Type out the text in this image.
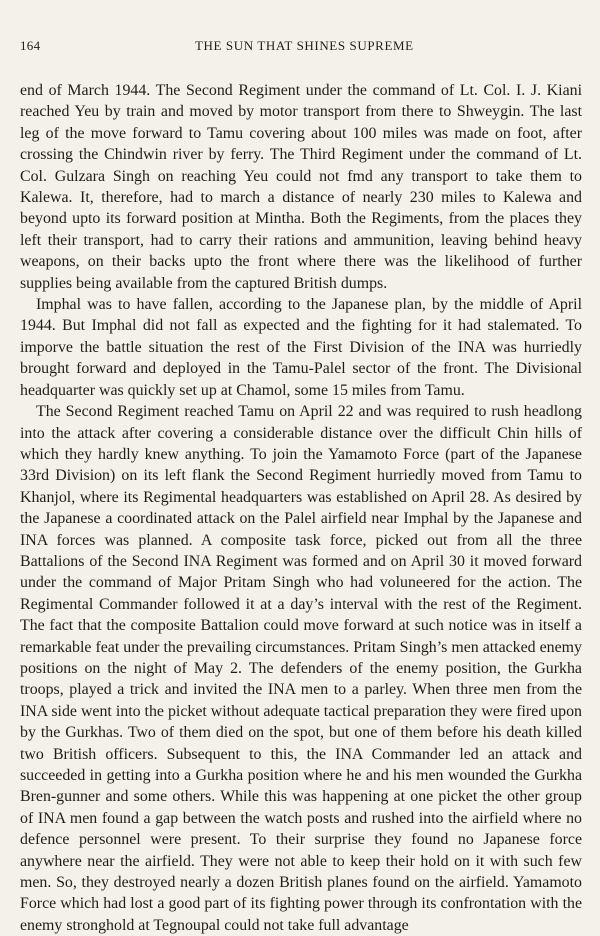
164	THE SUN THAT SHINES SUPREME

end of March 1944. The Second Regiment under the command of Lt. Col. I. J. Kiani reached Yeu by train and moved by motor transport from there to Shweygin. The last leg of the move forward to Tamu covering about 100 miles was made on foot, after crossing the Chindwin river by ferry. The Third Regiment under the command of Lt. Col. Gulzara Singh on reaching Yeu could not fmd any transport to take them to Kalewa. It, therefore, had to march a distance of nearly 230 miles to Kalewa and beyond upto its forward position at Mintha. Both the Regiments, from the places they left their transport, had to carry their rations and ammunition, leaving behind heavy weapons, on their backs upto the front where there was the likelihood of further supplies being available from the captured British dumps.

Imphal was to have fallen, according to the Japanese plan, by the middle of April 1944. But Imphal did not fall as expected and the fighting for it had stalemated. To imporve the battle situation the rest of the First Division of the INA was hurriedly brought forward and deployed in the Tamu-Palel sector of the front. The Divisional headquarter was quickly set up at Chamol, some 15 miles from Tamu.

The Second Regiment reached Tamu on April 22 and was required to rush headlong into the attack after covering a considerable distance over the difficult Chin hills of which they hardly knew anything. To join the Yamamoto Force (part of the Japanese 33rd Division) on its left flank the Second Regiment hurriedly moved from Tamu to Khanjol, where its Regimental headquarters was established on April 28. As desired by the Japanese a coordinated attack on the Palel airfield near Imphal by the Japanese and INA forces was planned. A composite task force, picked out from all the three Battalions of the Second INA Regiment was formed and on April 30 it moved forward under the command of Major Pritam Singh who had voluneered for the action. The Regimental Commander followed it at a day’s interval with the rest of the Regiment. The fact that the composite Battalion could move forward at such notice was in itself a remarkable feat under the prevailing circumstances. Pritam Singh’s men attacked enemy positions on the night of May 2. The defenders of the enemy position, the Gurkha troops, played a trick and invited the INA men to a parley. When three men from the INA side went into the picket without adequate tactical preparation they were fired upon by the Gurkhas. Two of them died on the spot, but one of them before his death killed two British officers. Subsequent to this, the INA Commander led an attack and succeeded in getting into a Gurkha position where he and his men wounded the Gurkha Bren-gunner and some others. While this was happening at one picket the other group of INA men found a gap between the watch posts and rushed into the airfield where no defence personnel were present. To their surprise they found no Japanese force anywhere near the airfield. They were not able to keep their hold on it with such few men. So, they destroyed nearly a dozen British planes found on the airfield. Yamamoto Force which had lost a good part of its fighting power through its confrontation with the enemy stronghold at Tegnoupal could not take full advantage
